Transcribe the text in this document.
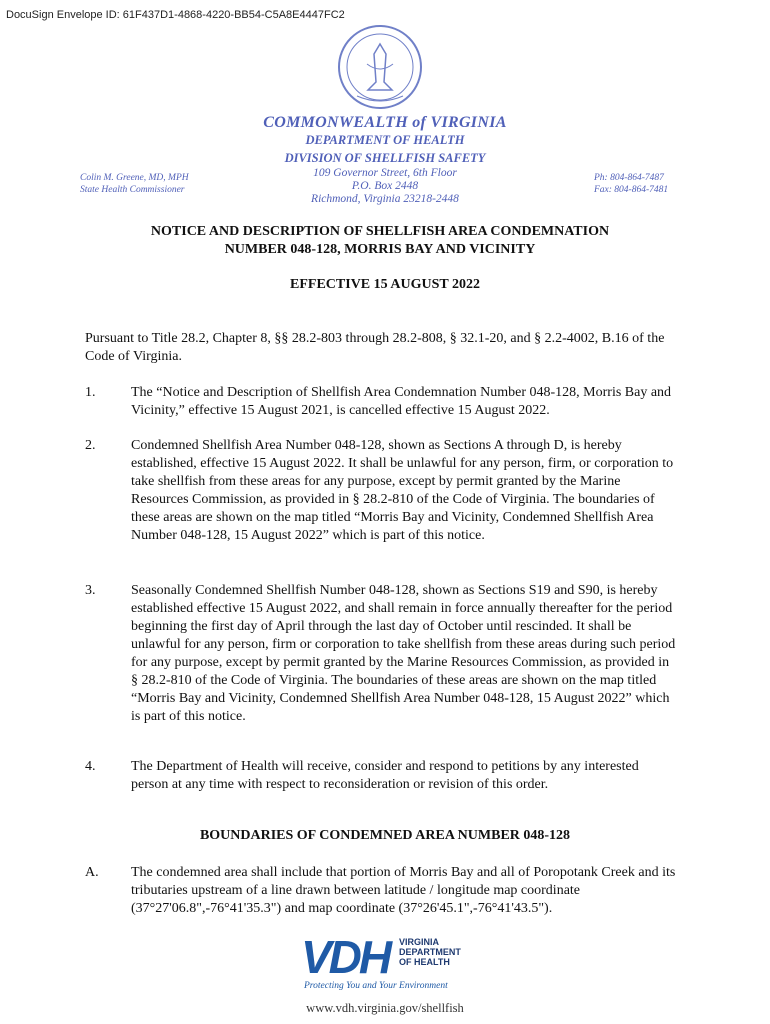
DocuSign Envelope ID: 61F437D1-4868-4220-BB54-C5A8E4447FC2
COMMONWEALTH of VIRGINIA
DEPARTMENT OF HEALTH
DIVISION OF SHELLFISH SAFETY
109 Governor Street, 6th Floor
P.O. Box 2448
Richmond, Virginia 23218-2448
Colin M. Greene, MD, MPH
State Health Commissioner
Ph: 804-864-7487
Fax: 804-864-7481
NOTICE AND DESCRIPTION OF SHELLFISH AREA CONDEMNATION
NUMBER 048-128, MORRIS BAY AND VICINITY
EFFECTIVE 15 AUGUST 2022
Pursuant to Title 28.2, Chapter 8, §§ 28.2-803 through 28.2-808, § 32.1-20, and § 2.2-4002, B.16 of the Code of Virginia.
1.	The “Notice and Description of Shellfish Area Condemnation Number 048-128, Morris Bay and Vicinity,” effective 15 August 2021, is cancelled effective 15 August 2022.
2.	Condemned Shellfish Area Number 048-128, shown as Sections A through D, is hereby established, effective 15 August 2022. It shall be unlawful for any person, firm, or corporation to take shellfish from these areas for any purpose, except by permit granted by the Marine Resources Commission, as provided in § 28.2-810 of the Code of Virginia. The boundaries of these areas are shown on the map titled “Morris Bay and Vicinity, Condemned Shellfish Area Number 048-128, 15 August 2022” which is part of this notice.
3.	Seasonally Condemned Shellfish Number 048-128, shown as Sections S19 and S90, is hereby established effective 15 August 2022, and shall remain in force annually thereafter for the period beginning the first day of April through the last day of October until rescinded. It shall be unlawful for any person, firm or corporation to take shellfish from these areas during such period for any purpose, except by permit granted by the Marine Resources Commission, as provided in § 28.2-810 of the Code of Virginia. The boundaries of these areas are shown on the map titled “Morris Bay and Vicinity, Condemned Shellfish Area Number 048-128, 15 August 2022” which is part of this notice.
4.	The Department of Health will receive, consider and respond to petitions by any interested person at any time with respect to reconsideration or revision of this order.
BOUNDARIES OF CONDEMNED AREA NUMBER 048-128
A. The condemned area shall include that portion of Morris Bay and all of Poropotank Creek and its tributaries upstream of a line drawn between latitude / longitude map coordinate (37°27'06.8",-76°41'35.3") and map coordinate (37°26'45.1",-76°41'43.5").
VDH VIRGINIA
DEPARTMENT
OF HEALTH
Protecting You and Your Environment
www.vdh.virginia.gov/shellfish
